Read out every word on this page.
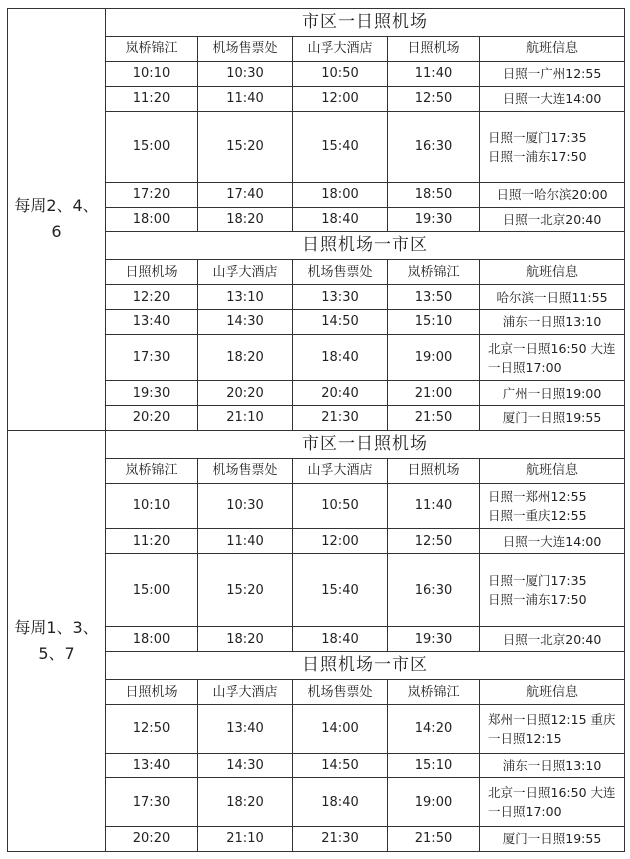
每周2、4、6	市区一日照机场				
	岚桥锦江	机场售票处	山孚大酒店	日照机场	航班信息
	10:10	10:30	10:50	11:40	日照一广州12:55
	11:20	11:40	12:00	12:50	日照一大连14:00
	15:00	15:20	15:40	16:30	日照一厦门17:35
日照一浦东17:50
	17:20	17:40	18:00	18:50	日照一哈尔滨20:00
	18:00	18:20	18:40	19:30	日照一北京20:40
	日照机场一市区				
	日照机场	山孚大酒店	机场售票处	岚桥锦江	航班信息
	12:20	13:10	13:30	13:50	哈尔滨一日照11:55
	13:40	14:30	14:50	15:10	浦东一日照13:10
	17:30	18:20	18:40	19:00	北京一日照16:50 大连一日照17:00
	19:30	20:20	20:40	21:00	广州一日照19:00
	20:20	21:10	21:30	21:50	厦门一日照19:55
每周1、3、5、7	市区一日照机场				
	岚桥锦江	机场售票处	山孚大酒店	日照机场	航班信息
	10:10	10:30	10:50	11:40	日照一郑州12:55
日照一重庆12:55
	11:20	11:40	12:00	12:50	日照一大连14:00
	15:00	15:20	15:40	16:30	日照一厦门17:35
日照一浦东17:50
	18:00	18:20	18:40	19:30	日照一北京20:40
	日照机场一市区				
	日照机场	山孚大酒店	机场售票处	岚桥锦江	航班信息
	12:50	13:40	14:00	14:20	郑州一日照12:15 重庆一日照12:15
	13:40	14:30	14:50	15:10	浦东一日照13:10
	17:30	18:20	18:40	19:00	北京一日照16:50 大连一日照17:00
	20:20	21:10	21:30	21:50	厦门一日照19:55
